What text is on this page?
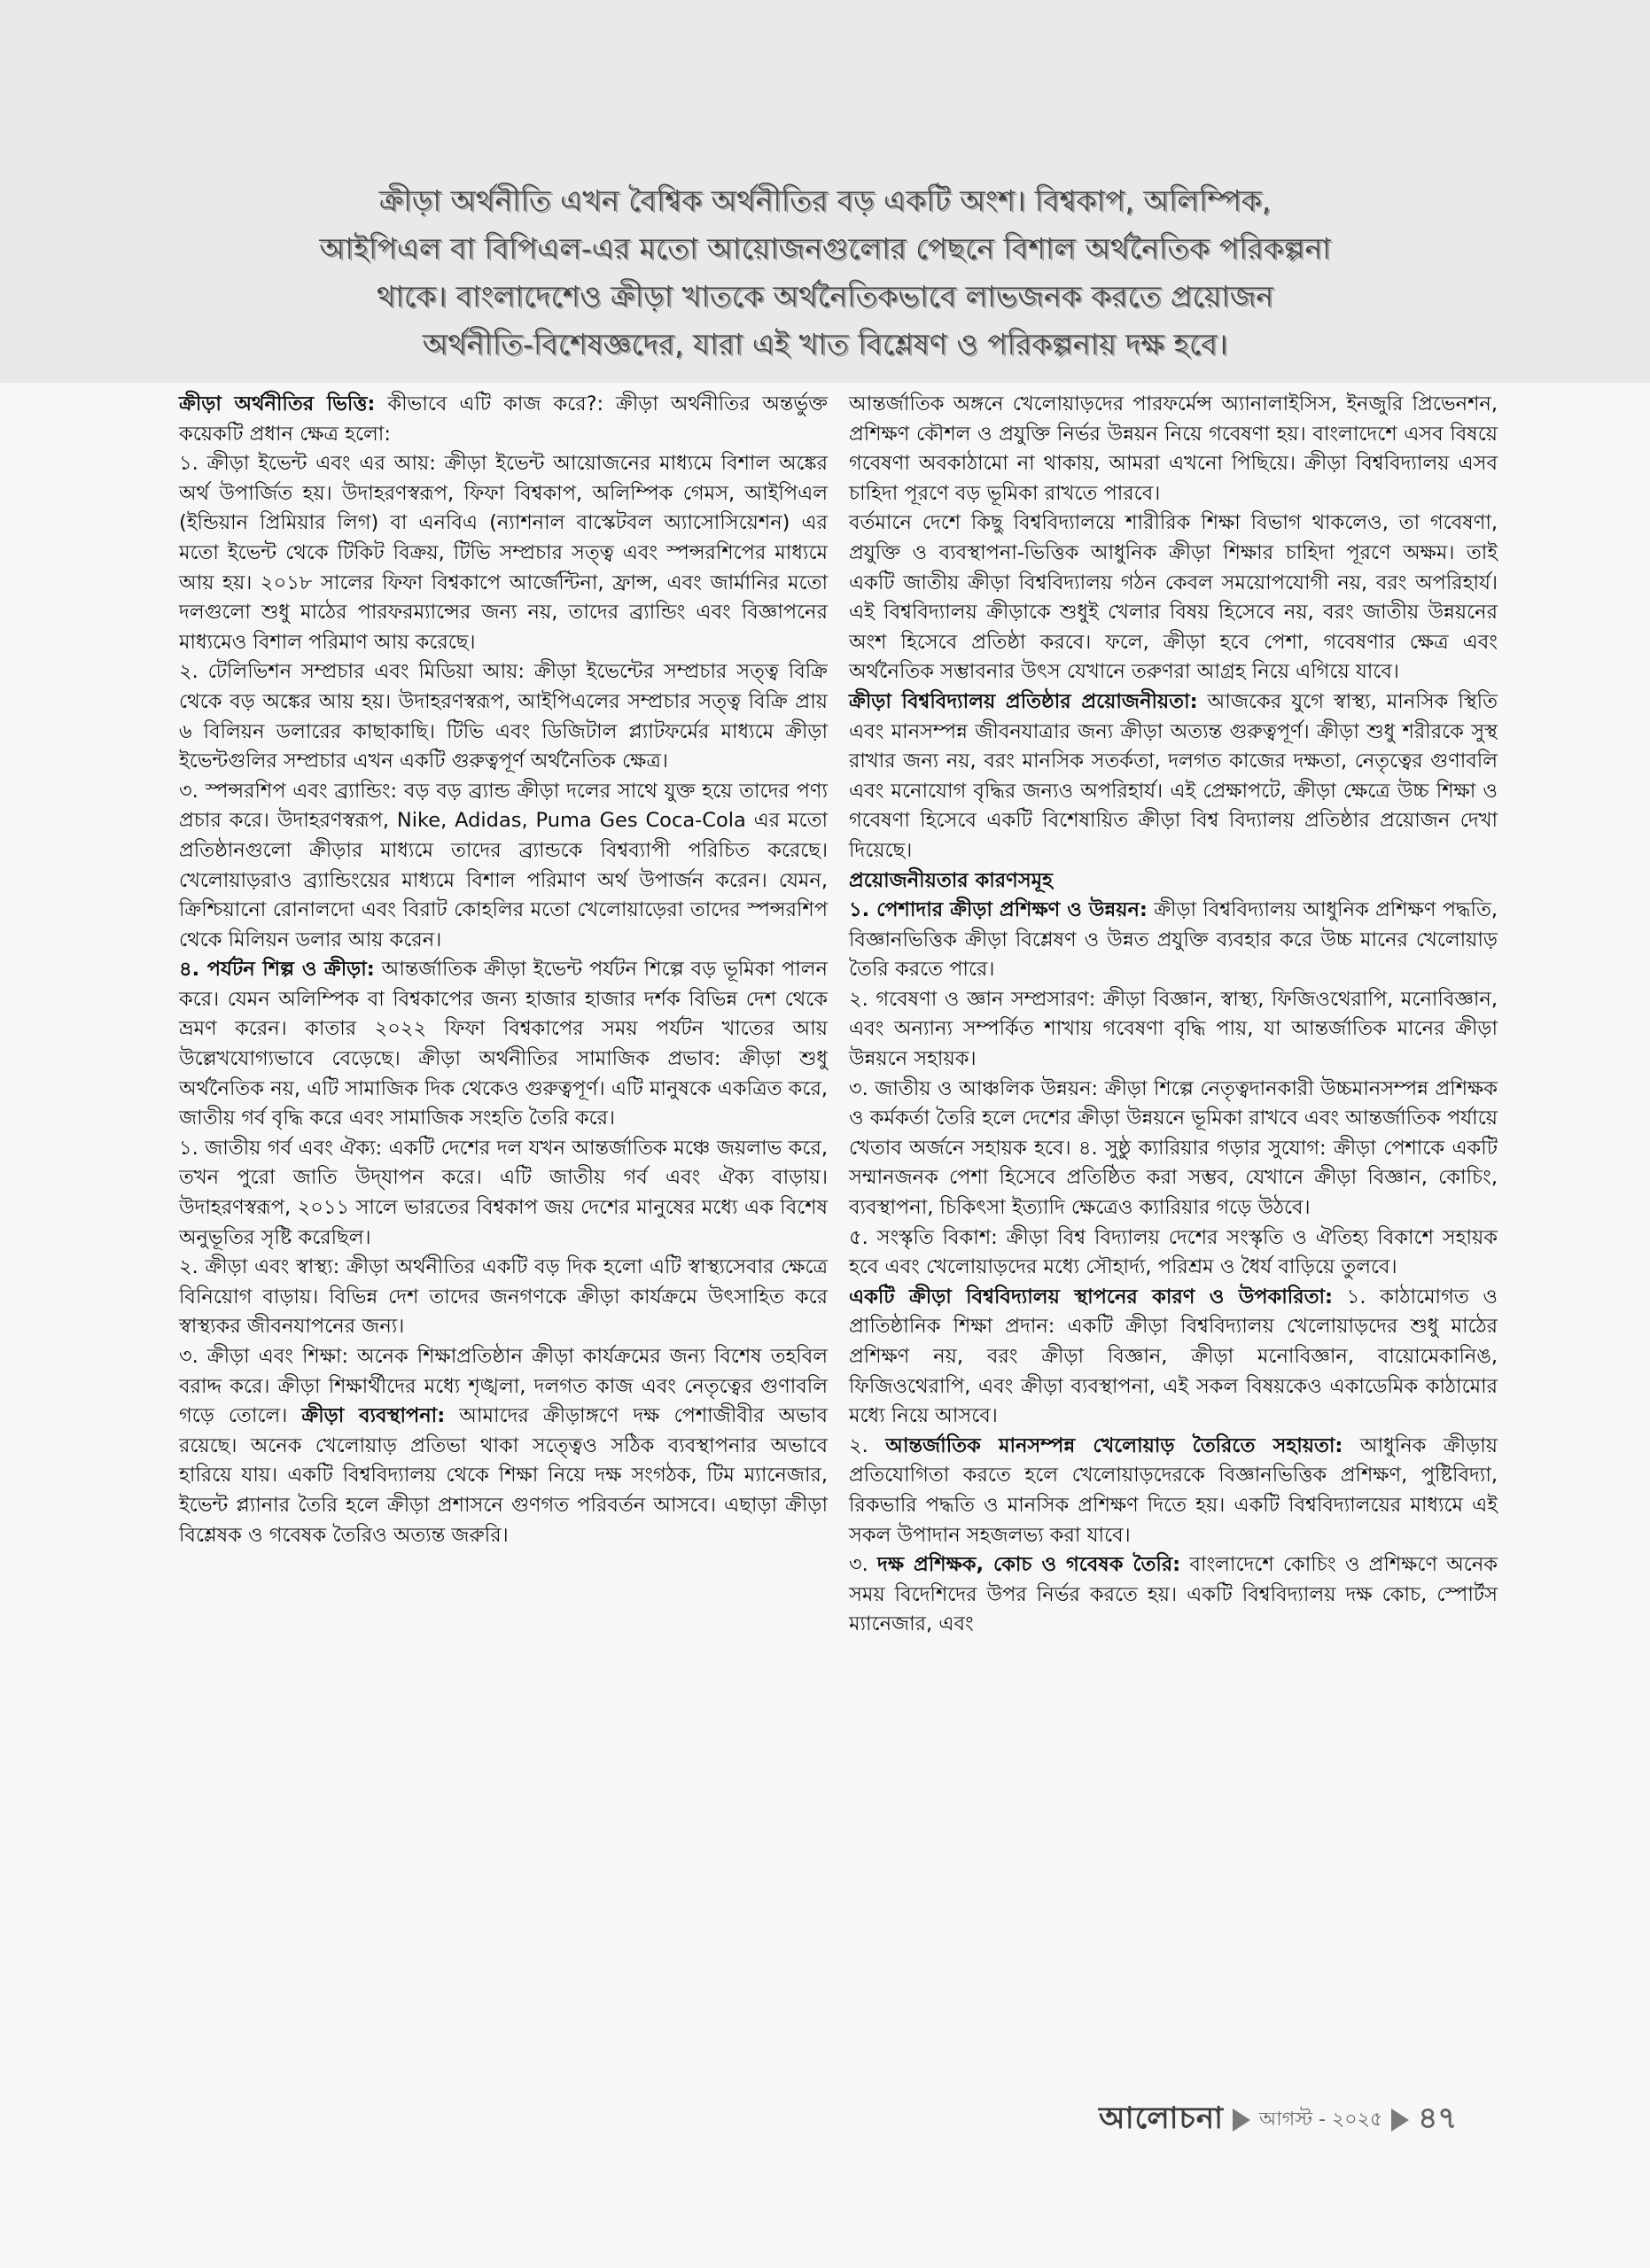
ক্রীড়া অর্থনীতি এখন বৈশ্বিক অর্থনীতির বড় একটি অংশ। বিশ্বকাপ, অলিম্পিক,
আইপিএল বা বিপিএল-এর মতো আয়োজনগুলোর পেছনে বিশাল অর্থনৈতিক পরিকল্পনা
থাকে। বাংলাদেশেও ক্রীড়া খাতকে অর্থনৈতিকভাবে লাভজনক করতে প্রয়োজন
অর্থনীতি-বিশেষজ্ঞদের, যারা এই খাত বিশ্লেষণ ও পরিকল্পনায় দক্ষ হবে।

ক্রীড়া অর্থনীতির ভিত্তি: কীভাবে এটি কাজ করে?: ক্রীড়া অর্থনীতির অন্তর্ভুক্ত কয়েকটি প্রধান ক্ষেত্র হলো:

১. ক্রীড়া ইভেন্ট এবং এর আয়: ক্রীড়া ইভেন্ট আয়োজনের মাধ্যমে বিশাল অঙ্কের অর্থ উপার্জিত হয়। উদাহরণস্বরূপ, ফিফা বিশ্বকাপ, অলিম্পিক গেমস, আইপিএল (ইন্ডিয়ান প্রিমিয়ার লিগ) বা এনবিএ (ন্যাশনাল বাস্কেটবল অ্যাসোসিয়েশন) এর মতো ইভেন্ট থেকে টিকিট বিক্রয়, টিভি সম্প্রচার সত্ত্ব এবং স্পন্সরশিপের মাধ্যমে আয় হয়। ২০১৮ সালের ফিফা বিশ্বকাপে আর্জেন্টিনা, ফ্রান্স, এবং জার্মানির মতো দলগুলো শুধু মাঠের পারফরম্যান্সের জন্য নয়, তাদের ব্র্যান্ডিং এবং বিজ্ঞাপনের মাধ্যমেও বিশাল পরিমাণ আয় করেছে।

২. টেলিভিশন সম্প্রচার এবং মিডিয়া আয়: ক্রীড়া ইভেন্টের সম্প্রচার সত্ত্ব বিক্রি থেকে বড় অঙ্কের আয় হয়। উদাহরণস্বরূপ, আইপিএলের সম্প্রচার সত্ত্ব বিক্রি প্রায় ৬ বিলিয়ন ডলারের কাছাকাছি। টিভি এবং ডিজিটাল প্ল্যাটফর্মের মাধ্যমে ক্রীড়া ইভেন্টগুলির সম্প্রচার এখন একটি গুরুত্বপূর্ণ অর্থনৈতিক ক্ষেত্র।

৩. স্পন্সরশিপ এবং ব্র্যান্ডিং: বড় বড় ব্র্যান্ড ক্রীড়া দলের সাথে যুক্ত হয়ে তাদের পণ্য প্রচার করে। উদাহরণস্বরূপ, Nike, Adidas, Puma Ges Coca-Cola এর মতো প্রতিষ্ঠানগুলো ক্রীড়ার মাধ্যমে তাদের ব্র্যান্ডকে বিশ্বব্যাপী পরিচিত করেছে। খেলোয়াড়রাও ব্র্যান্ডিংয়ের মাধ্যমে বিশাল পরিমাণ অর্থ উপার্জন করেন। যেমন, ক্রিশ্চিয়ানো রোনালদো এবং বিরাট কোহলির মতো খেলোয়াড়েরা তাদের স্পন্সরশিপ থেকে মিলিয়ন ডলার আয় করেন।

৪. পর্যটন শিল্প ও ক্রীড়া: আন্তর্জাতিক ক্রীড়া ইভেন্ট পর্যটন শিল্পে বড় ভূমিকা পালন করে। যেমন অলিম্পিক বা বিশ্বকাপের জন্য হাজার হাজার দর্শক বিভিন্ন দেশ থেকে ভ্রমণ করেন। কাতার ২০২২ ফিফা বিশ্বকাপের সময় পর্যটন খাতের আয় উল্লেখযোগ্যভাবে বেড়েছে। ক্রীড়া অর্থনীতির সামাজিক প্রভাব: ক্রীড়া শুধু অর্থনৈতিক নয়, এটি সামাজিক দিক থেকেও গুরুত্বপূর্ণ। এটি মানুষকে একত্রিত করে, জাতীয় গর্ব বৃদ্ধি করে এবং সামাজিক সংহতি তৈরি করে।

১. জাতীয় গর্ব এবং ঐক্য: একটি দেশের দল যখন আন্তর্জাতিক মঞ্চে জয়লাভ করে, তখন পুরো জাতি উদ্‌যাপন করে। এটি জাতীয় গর্ব এবং ঐক্য বাড়ায়। উদাহরণস্বরূপ, ২০১১ সালে ভারতের বিশ্বকাপ জয় দেশের মানুষের মধ্যে এক বিশেষ অনুভূতির সৃষ্টি করেছিল।

২. ক্রীড়া এবং স্বাস্থ্য: ক্রীড়া অর্থনীতির একটি বড় দিক হলো এটি স্বাস্থ্যসেবার ক্ষেত্রে বিনিয়োগ বাড়ায়। বিভিন্ন দেশ তাদের জনগণকে ক্রীড়া কার্যক্রমে উৎসাহিত করে স্বাস্থ্যকর জীবনযাপনের জন্য।

৩. ক্রীড়া এবং শিক্ষা: অনেক শিক্ষাপ্রতিষ্ঠান ক্রীড়া কার্যক্রমের জন্য বিশেষ তহবিল বরাদ্দ করে। ক্রীড়া শিক্ষার্থীদের মধ্যে শৃঙ্খলা, দলগত কাজ এবং নেতৃত্বের গুণাবলি গড়ে তোলে। ক্রীড়া ব্যবস্থাপনা: আমাদের ক্রীড়াঙ্গণে দক্ষ পেশাজীবীর অভাব রয়েছে। অনেক খেলোয়াড় প্রতিভা থাকা সত্ত্বেও সঠিক ব্যবস্থাপনার অভাবে হারিয়ে যায়। একটি বিশ্ববিদ্যালয় থেকে শিক্ষা নিয়ে দক্ষ সংগঠক, টিম ম্যানেজার, ইভেন্ট প্ল্যানার তৈরি হলে ক্রীড়া প্রশাসনে গুণগত পরিবর্তন আসবে। এছাড়া ক্রীড়া বিশ্লেষক ও গবেষক তৈরিও অত্যন্ত জরুরি।

আন্তর্জাতিক অঙ্গনে খেলোয়াড়দের পারফর্মেন্স অ্যানালাইসিস, ইনজুরি প্রিভেনশন, প্রশিক্ষণ কৌশল ও প্রযুক্তি নির্ভর উন্নয়ন নিয়ে গবেষণা হয়। বাংলাদেশে এসব বিষয়ে গবেষণা অবকাঠামো না থাকায়, আমরা এখনো পিছিয়ে। ক্রীড়া বিশ্ববিদ্যালয় এসব চাহিদা পূরণে বড় ভূমিকা রাখতে পারবে।

বর্তমানে দেশে কিছু বিশ্ববিদ্যালয়ে শারীরিক শিক্ষা বিভাগ থাকলেও, তা গবেষণা, প্রযুক্তি ও ব্যবস্থাপনা-ভিত্তিক আধুনিক ক্রীড়া শিক্ষার চাহিদা পূরণে অক্ষম। তাই একটি জাতীয় ক্রীড়া বিশ্ববিদ্যালয় গঠন কেবল সময়োপযোগী নয়, বরং অপরিহার্য। এই বিশ্ববিদ্যালয় ক্রীড়াকে শুধুই খেলার বিষয় হিসেবে নয়, বরং জাতীয় উন্নয়নের অংশ হিসেবে প্রতিষ্ঠা করবে। ফলে, ক্রীড়া হবে পেশা, গবেষণার ক্ষেত্র এবং অর্থনৈতিক সম্ভাবনার উৎস যেখানে তরুণরা আগ্রহ নিয়ে এগিয়ে যাবে।

ক্রীড়া বিশ্ববিদ্যালয় প্রতিষ্ঠার প্রয়োজনীয়তা: আজকের যুগে স্বাস্থ্য, মানসিক স্থিতি এবং মানসম্পন্ন জীবনযাত্রার জন্য ক্রীড়া অত্যন্ত গুরুত্বপূর্ণ। ক্রীড়া শুধু শরীরকে সুস্থ রাখার জন্য নয়, বরং মানসিক সতর্কতা, দলগত কাজের দক্ষতা, নেতৃত্বের গুণাবলি এবং মনোযোগ বৃদ্ধির জন্যও অপরিহার্য। এই প্রেক্ষাপটে, ক্রীড়া ক্ষেত্রে উচ্চ শিক্ষা ও গবেষণা হিসেবে একটি বিশেষায়িত ক্রীড়া বিশ্ব বিদ্যালয় প্রতিষ্ঠার প্রয়োজন দেখা দিয়েছে।

প্রয়োজনীয়তার কারণসমূহ

১. পেশাদার ক্রীড়া প্রশিক্ষণ ও উন্নয়ন: ক্রীড়া বিশ্ববিদ্যালয় আধুনিক প্রশিক্ষণ পদ্ধতি, বিজ্ঞানভিত্তিক ক্রীড়া বিশ্লেষণ ও উন্নত প্রযুক্তি ব্যবহার করে উচ্চ মানের খেলোয়াড় তৈরি করতে পারে।

২. গবেষণা ও জ্ঞান সম্প্রসারণ: ক্রীড়া বিজ্ঞান, স্বাস্থ্য, ফিজিওথেরাপি, মনোবিজ্ঞান, এবং অন্যান্য সম্পর্কিত শাখায় গবেষণা বৃদ্ধি পায়, যা আন্তর্জাতিক মানের ক্রীড়া উন্নয়নে সহায়ক।

৩. জাতীয় ও আঞ্চলিক উন্নয়ন: ক্রীড়া শিল্পে নেতৃত্বদানকারী উচ্চমানসম্পন্ন প্রশিক্ষক ও কর্মকর্তা তৈরি হলে দেশের ক্রীড়া উন্নয়নে ভূমিকা রাখবে এবং আন্তর্জাতিক পর্যায়ে খেতাব অর্জনে সহায়ক হবে। ৪. সুষ্ঠু ক্যারিয়ার গড়ার সুযোগ: ক্রীড়া পেশাকে একটি সম্মানজনক পেশা হিসেবে প্রতিষ্ঠিত করা সম্ভব, যেখানে ক্রীড়া বিজ্ঞান, কোচিং, ব্যবস্থাপনা, চিকিৎসা ইত্যাদি ক্ষেত্রেও ক্যারিয়ার গড়ে উঠবে।

৫. সংস্কৃতি বিকাশ: ক্রীড়া বিশ্ব বিদ্যালয় দেশের সংস্কৃতি ও ঐতিহ্য বিকাশে সহায়ক হবে এবং খেলোয়াড়দের মধ্যে সৌহার্দ্য, পরিশ্রম ও ধৈর্য বাড়িয়ে তুলবে।

একটি ক্রীড়া বিশ্ববিদ্যালয় স্থাপনের কারণ ও উপকারিতা: ১. কাঠামোগত ও প্রাতিষ্ঠানিক শিক্ষা প্রদান: একটি ক্রীড়া বিশ্ববিদ্যালয় খেলোয়াড়দের শুধু মাঠের প্রশিক্ষণ নয়, বরং ক্রীড়া বিজ্ঞান, ক্রীড়া মনোবিজ্ঞান, বায়োমেকানিঙ, ফিজিওথেরাপি, এবং ক্রীড়া ব্যবস্থাপনা, এই সকল বিষয়কেও একাডেমিক কাঠামোর মধ্যে নিয়ে আসবে।

২. আন্তর্জাতিক মানসম্পন্ন খেলোয়াড় তৈরিতে সহায়তা: আধুনিক ক্রীড়ায় প্রতিযোগিতা করতে হলে খেলোয়াড়দেরকে বিজ্ঞানভিত্তিক প্রশিক্ষণ, পুষ্টিবিদ্যা, রিকভারি পদ্ধতি ও মানসিক প্রশিক্ষণ দিতে হয়। একটি বিশ্ববিদ্যালয়ের মাধ্যমে এই সকল উপাদান সহজলভ্য করা যাবে।

৩. দক্ষ প্রশিক্ষক, কোচ ও গবেষক তৈরি: বাংলাদেশে কোচিং ও প্রশিক্ষণে অনেক সময় বিদেশিদের উপর নির্ভর করতে হয়। একটি বিশ্ববিদ্যালয় দক্ষ কোচ, স্পোর্টস ম্যানেজার, এবং

আলোচনা আগস্ট - ২০২৫ ৪৭
